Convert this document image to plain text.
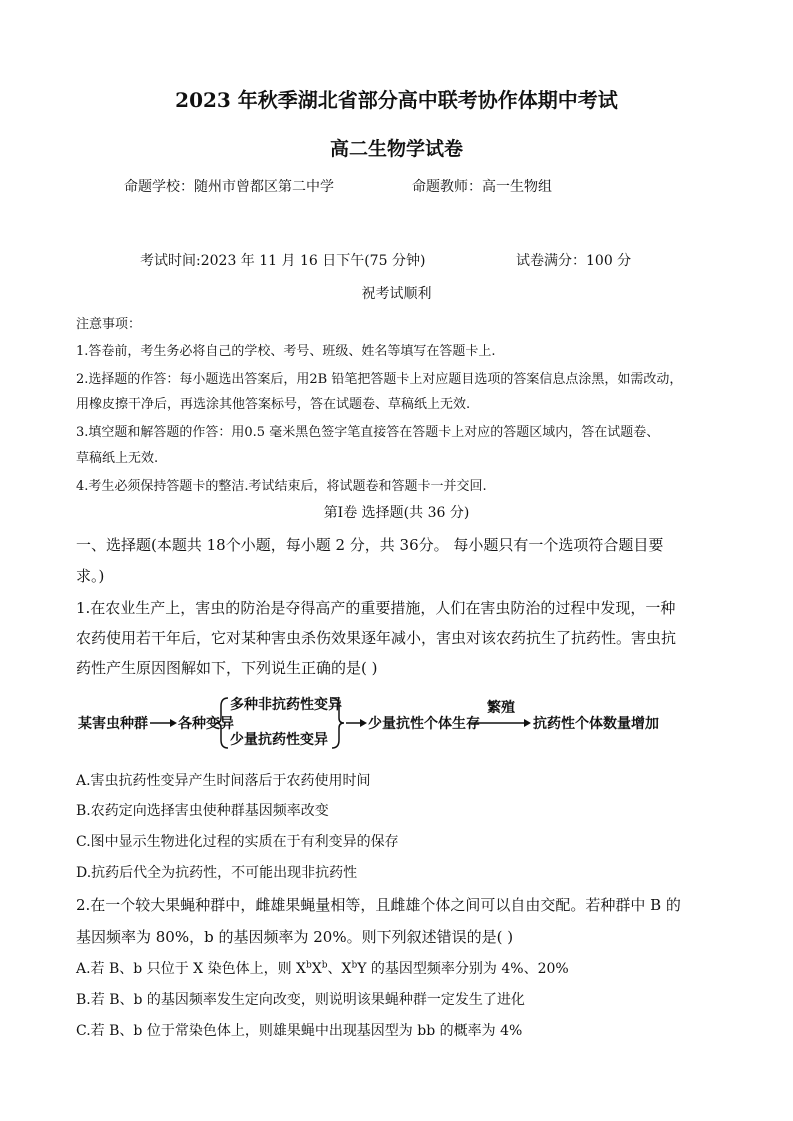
2023 年秋季湖北省部分高中联考协作体期中考试
高二生物学试卷
命题学校：随州市曾都区第二中学	命题教师：高一生物组
考试时间:2023 年 11 月 16 日下午(75 分钟)	试卷满分：100 分
祝考试顺利
注意事项：
1.答卷前，考生务必将自己的学校、考号、班级、姓名等填写在答题卡上.
2.选择题的作答：每小题选出答案后，用2B 铅笔把答题卡上对应题目选项的答案信息点涂黑，如需改动，
用橡皮擦干净后，再选涂其他答案标号，答在试题卷、草稿纸上无效.
3.填空题和解答题的作答：用0.5 毫米黑色签字笔直接答在答题卡上对应的答题区域内，答在试题卷、
草稿纸上无效.
4.考生必须保持答题卡的整洁.考试结束后，将试题卷和答题卡一并交回.
第Ⅰ卷 选择题(共 36 分)
一、选择题(本题共 18个小题，每小题 2 分，共 36分。 每小题只有一个选项符合题目要
求。)
1.在农业生产上，害虫的防治是夺得高产的重要措施，人们在害虫防治的过程中发现，一种
农药使用若干年后，它对某种害虫杀伤效果逐年减小，害虫对该农药抗生了抗药性。害虫抗
药性产生原因图解如下，下列说生正确的是( )
某害虫种群 各种变异
多种非抗药性变异
少量抗药性变异
少量抗性个体生存
繁殖
抗药性个体数量增加
A.害虫抗药性变异产生时间落后于农药使用时间
B.农药定向选择害虫使种群基因频率改变
C.图中显示生物进化过程的实质在于有利变异的保存
D.抗药后代全为抗药性，不可能出现非抗药性
2.在一个较大果蝇种群中，雌雄果蝇量相等，且雌雄个体之间可以自由交配。若种群中 B 的
基因频率为 80%，b 的基因频率为 20%。则下列叙述错误的是( )
A.若 B、b 只位于 X 染色体上，则 $X^bX^b$、$X^bY$ 的基因型频率分别为 4%、20%
B.若 B、b 的基因频率发生定向改变，则说明该果蝇种群一定发生了进化
C.若 B、b 位于常染色体上，则雄果蝇中出现基因型为 bb 的概率为 4%
